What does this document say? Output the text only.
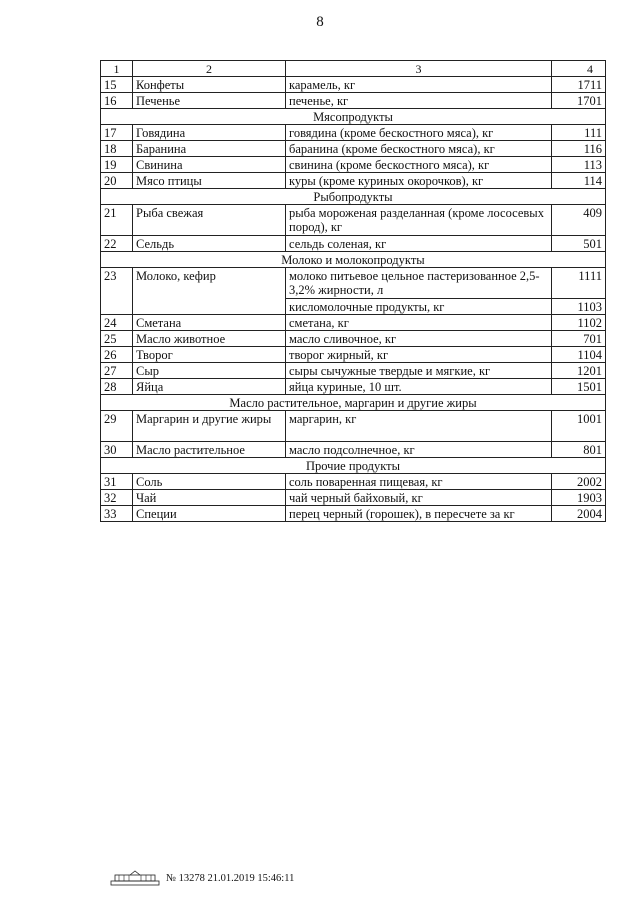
8
1	2	3	4
15	Конфеты	карамель, кг	1711
16	Печенье	печенье, кг	1701
Мясопродукты			
17	Говядина	говядина (кроме бескостного мяса), кг	111
18	Баранина	баранина (кроме бескостного мяса), кг	116
19	Свинина	свинина (кроме бескостного мяса), кг	113
20	Мясо птицы	куры (кроме куриных окорочков), кг	114
Рыбопродукты			
21	Рыба свежая	рыба мороженая разделанная (кроме лососевых пород), кг	409
22	Сельдь	сельдь соленая, кг	501
Молоко и молокопродукты			
23	Молоко, кефир	молоко питьевое цельное пастеризованное 2,5-3,2% жирности, л	1111
		кисломолочные продукты, кг	1103
24	Сметана	сметана, кг	1102
25	Масло животное	масло сливочное, кг	701
26	Творог	творог жирный, кг	1104
27	Сыр	сыры сычужные твердые и мягкие, кг	1201
28	Яйца	яйца куриные, 10 шт.	1501
Масло растительное, маргарин и другие жиры			
29	Маргарин и другие жиры	маргарин, кг	1001
30	Масло растительное	масло подсолнечное, кг	801
Прочие продукты			
31	Соль	соль поваренная пищевая, кг	2002
32	Чай	чай черный байховый, кг	1903
33	Специи	перец черный (горошек), в пересчете за кг	2004
№ 13278 21.01.2019 15:46:11
